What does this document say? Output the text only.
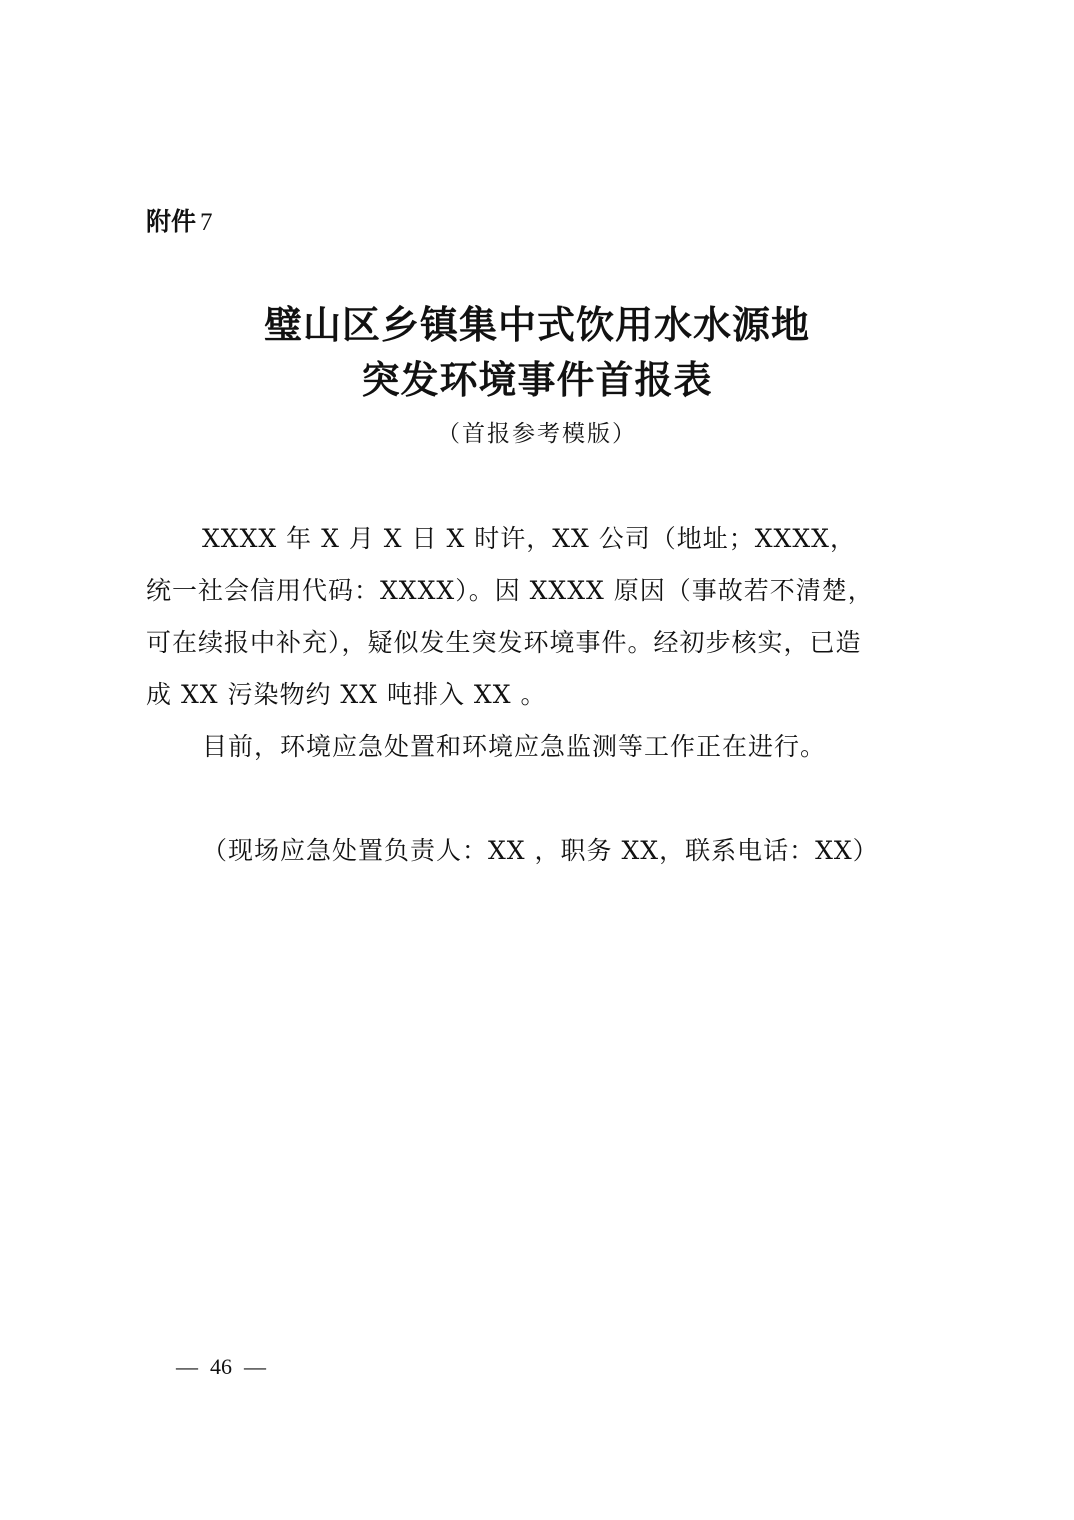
附件 7
璧山区乡镇集中式饮用水水源地
突发环境事件首报表
（首报参考模版）
XXXX 年 X 月 X 日 X 时许，XX 公司（地址；XXXX，
统一社会信用代码：XXXX）。因 XXXX 原因（事故若不清楚，
可在续报中补充），疑似发生突发环境事件。经初步核实，已造
成 XX 污染物约 XX 吨排入 XX 。
目前，环境应急处置和环境应急监测等工作正在进行。
（现场应急处置负责人：XX ，职务 XX，联系电话：XX）
— 46 —
